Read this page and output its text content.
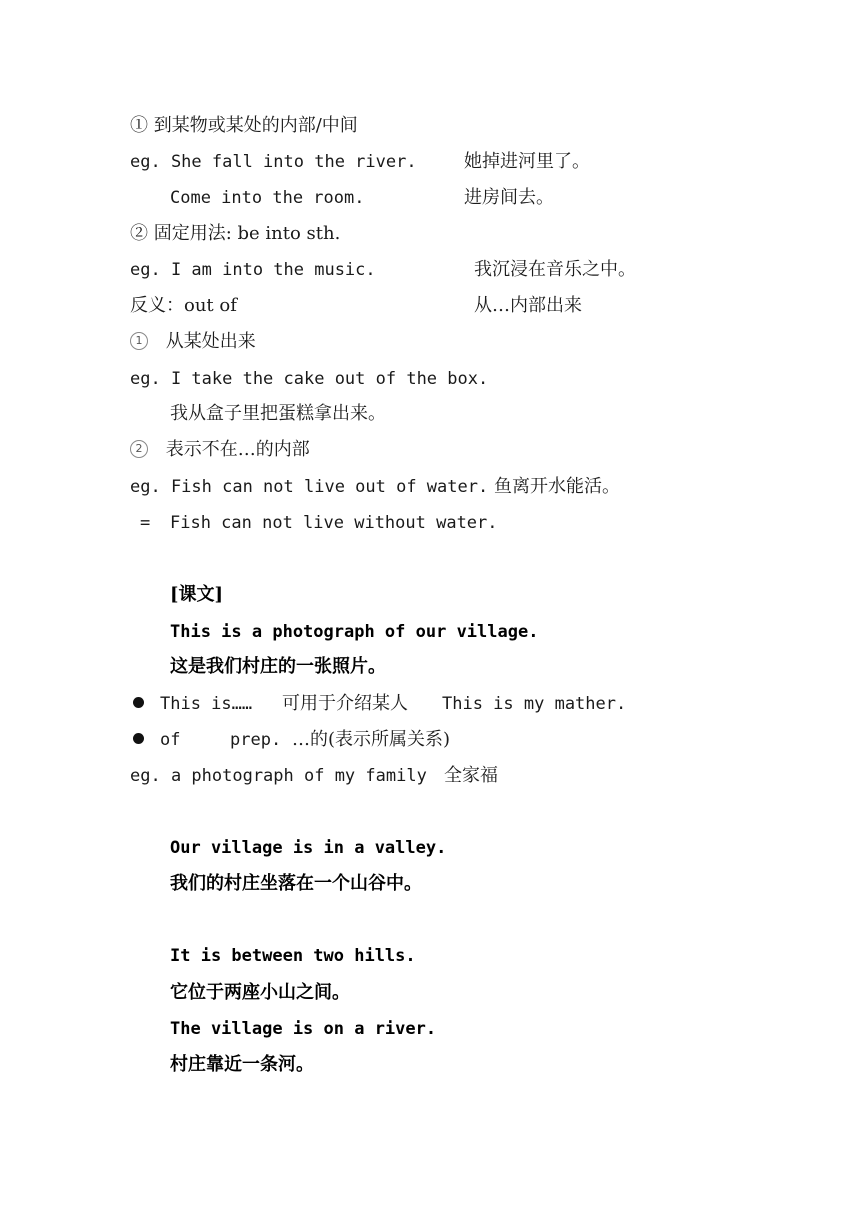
① 到某物或某处的内部/中间
eg. She fall into the river.	她掉进河里了。
Come into the room.	进房间去。
② 固定用法: be into sth.
eg. I am into the music.	我沉浸在音乐之中。
反义：out of	从…内部出来
1 从某处出来
eg. I take the cake out of the box.
我从盒子里把蛋糕拿出来。
2 表示不在…的内部
eg. Fish can not live out of water. 鱼离开水能活。
= Fish can not live without water.
[课文]
This is a photograph of our village.
这是我们村庄的一张照片。
This is…… 可用于介绍某人 This is my mather.
of	prep. …的(表示所属关系)
eg. a photograph of my family 全家福
Our village is in a valley.
我们的村庄坐落在一个山谷中。
It is between two hills.
它位于两座小山之间。
The village is on a river.
村庄靠近一条河。
